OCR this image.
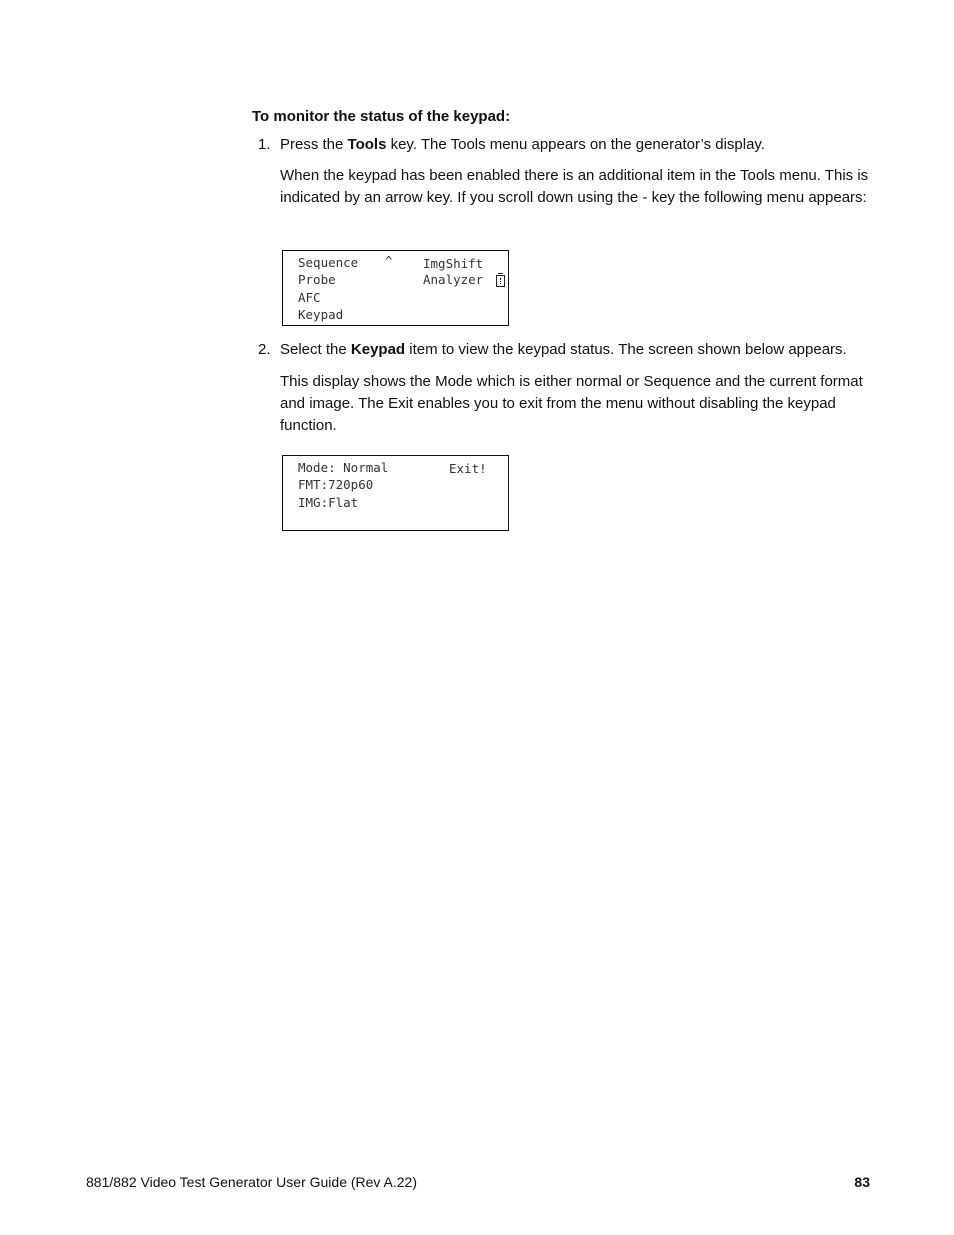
To monitor the status of the keypad:
1. Press the Tools key. The Tools menu appears on the generator’s display.
When the keypad has been enabled there is an additional item in the Tools menu. This is indicated by an arrow key. If you scroll down using the - key the following menu appears:
Sequence
Probe
AFC
Keypad
^ ImgShift
Analyzer
2. Select the Keypad item to view the keypad status. The screen shown below appears.
This display shows the Mode which is either normal or Sequence and the current format and image. The Exit enables you to exit from the menu without disabling the keypad function.
Mode: Normal
FMT:720p60
IMG:Flat
Exit!
881/882 Video Test Generator User Guide (Rev A.22)	83
